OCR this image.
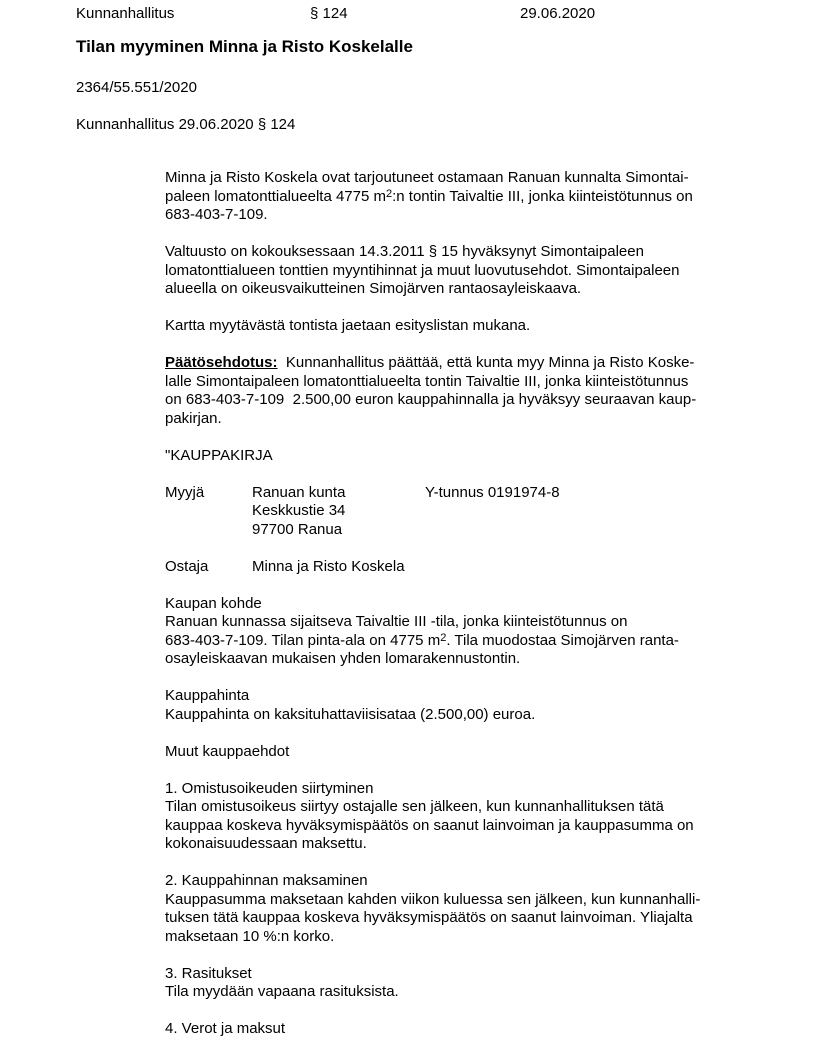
Kunnanhallitus	§ 124	29.06.2020
Tilan myyminen Minna ja Risto Koskelalle
2364/55.551/2020
Kunnanhallitus 29.06.2020 § 124
Minna ja Risto Koskela ovat tarjoutuneet ostamaan Ranuan kunnalta Simontai-
paleen lomatonttialueelta 4775 $m^2:n$ tontin Taivaltie III, jonka kiinteistötunnus on
683-403-7-109.
Valtuusto on kokouksessaan 14.3.2011 § 15 hyväksynyt Simontaipaleen
lomatonttialueen tonttien myyntihinnat ja muut luovutusehdot. Simontaipaleen
alueella on oikeusvaikutteinen Simojärven rantaosayleiskaava.
Kartta myytävästä tontista jaetaan esityslistan mukana.
Päätösehdotus:  Kunnanhallitus päättää, että kunta myy Minna ja Risto Koske-
lalle Simontaipaleen lomatonttialueelta tontin Taivaltie III, jonka kiinteistötunnus
on 683-403-7-109  2.500,00 euron kauppahinnalla ja hyväksyy seuraavan kaup-
pakirjan.
"KAUPPAKIRJA
Myyjä	Ranuan kunta
Keskkustie 34
97700 Ranua
Y-tunnus 0191974-8
Ostaja	Minna ja Risto Koskela
Kaupan kohde
Ranuan kunnassa sijaitseva Taivaltie III -tila, jonka kiinteistötunnus on
683-403-7-109. Tilan pinta-ala on 4775 $m^2$. Tila muodostaa Simojärven ranta-
osayleiskaavan mukaisen yhden lomarakennustontin.
Kauppahinta
Kauppahinta on kaksituhattaviisisataa (2.500,00) euroa.
Muut kauppaehdot
1. Omistusoikeuden siirtyminen
Tilan omistusoikeus siirtyy ostajalle sen jälkeen, kun kunnanhallituksen tätä
kauppaa koskeva hyväksymispäätös on saanut lainvoiman ja kauppasumma on
kokonaisuudessaan maksettu.
2. Kauppahinnan maksaminen
Kauppasumma maksetaan kahden viikon kuluessa sen jälkeen, kun kunnanhalli-
tuksen tätä kauppaa koskeva hyväksymispäätös on saanut lainvoiman. Yliajalta
maksetaan 10 %:n korko.
3. Rasitukset
Tila myydään vapaana rasituksista.
4. Verot ja maksut
